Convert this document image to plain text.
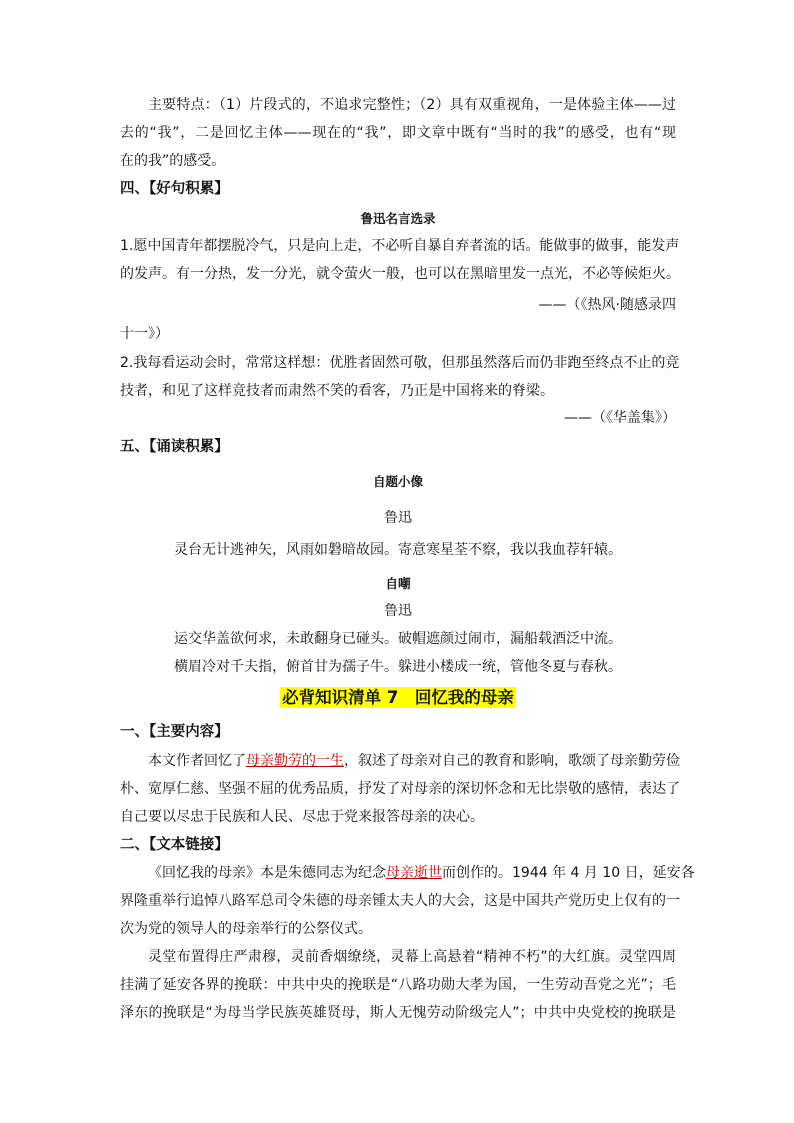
主要特点：（1）片段式的，不追求完整性；（2）具有双重视角，一是体验主体——过
去的“我”，二是回忆主体——现在的“我”，即文章中既有“当时的我”的感受，也有“现
在的我”的感受。
四、【好句积累】
鲁迅名言选录
1.愿中国青年都摆脱冷气，只是向上走，不必听自暴自弃者流的话。能做事的做事，能发声
的发声。有一分热，发一分光，就令萤火一般，也可以在黑暗里发一点光，不必等候炬火。
——（《热风·随感录四
十一》）
2.我每看运动会时，常常这样想：优胜者固然可敬，但那虽然落后而仍非跑至终点不止的竞
技者，和见了这样竞技者而肃然不笑的看客，乃正是中国将来的脊梁。
——（《华盖集》）
五、【诵读积累】
自题小像
鲁迅
灵台无计逃神矢，风雨如磐暗故园。寄意寒星荃不察，我以我血荐轩辕。
自嘲
鲁迅
运交华盖欲何求，未敢翻身已碰头。破帽遮颜过闹市，漏船载酒泛中流。
横眉冷对千夫指，俯首甘为孺子牛。躲进小楼成一统，管他冬夏与春秋。
必背知识清单 7　回忆我的母亲
一、【主要内容】
本文作者回忆了母亲勤劳的一生，叙述了母亲对自己的教育和影响，歌颂了母亲勤劳俭
朴、宽厚仁慈、坚强不屈的优秀品质，抒发了对母亲的深切怀念和无比崇敬的感情，表达了
自己要以尽忠于民族和人民、尽忠于党来报答母亲的决心。
二、【文本链接】
《回忆我的母亲》本是朱德同志为纪念母亲逝世而创作的。1944 年 4 月 10 日，延安各
界隆重举行追悼八路军总司令朱德的母亲锺太夫人的大会，这是中国共产党历史上仅有的一
次为党的领导人的母亲举行的公祭仪式。
灵堂布置得庄严肃穆，灵前香烟缭绕，灵幕上高悬着“精神不朽”的大红旗。灵堂四周
挂满了延安各界的挽联：中共中央的挽联是“八路功勋大孝为国，一生劳动吾党之光”；毛
泽东的挽联是“为母当学民族英雄贤母，斯人无愧劳动阶级完人”；中共中央党校的挽联是
